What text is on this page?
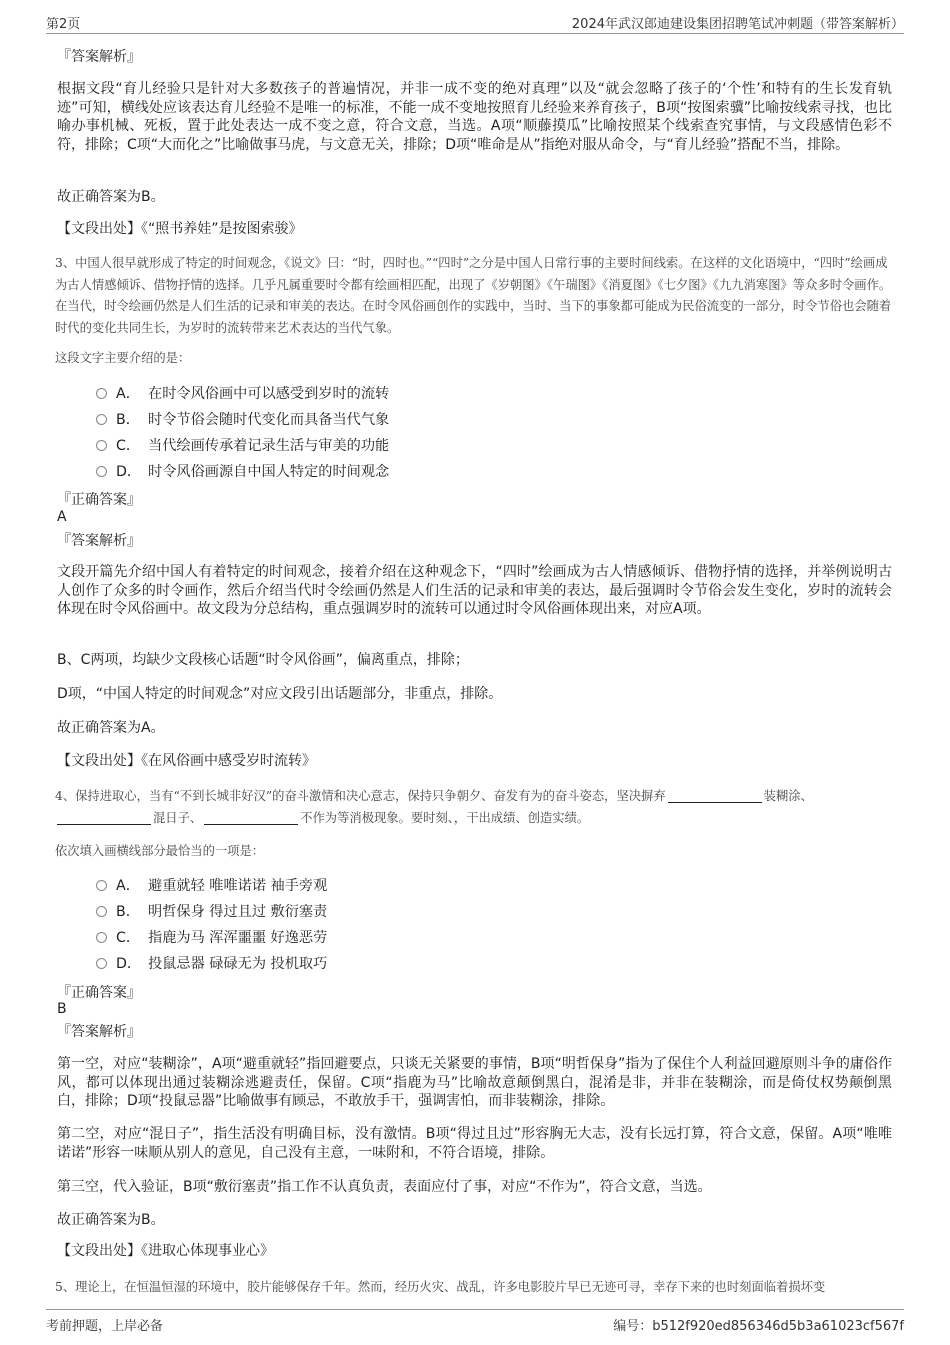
第2页	2024年武汉郎迪建设集团招聘笔试冲刺题（带答案解析）
『答案解析』
根据文段“育儿经验只是针对大多数孩子的普遍情况，并非一成不变的绝对真理”以及“就会忽略了孩子的‘个性’和特有的生长发育轨迹”可知，横线处应该表达育儿经验不是唯一的标准，不能一成不变地按照育儿经验来养育孩子，B项“按图索骥”比喻按线索寻找，也比喻办事机械、死板，置于此处表达一成不变之意，符合文意，当选。A项“顺藤摸瓜”比喻按照某个线索查究事情，与文段感情色彩不符，排除；C项“大而化之”比喻做事马虎，与文意无关，排除；D项“唯命是从”指绝对服从命令，与“育儿经验”搭配不当，排除。
故正确答案为B。
【文段出处】《“照书养娃”是按图索骏》
3、中国人很早就形成了特定的时间观念，《说文》曰：“时，四时也。”“四时”之分是中国人日常行事的主要时间线索。在这样的文化语境中，“四时”绘画成为古人情感倾诉、借物抒情的选择。几乎凡属重要时令都有绘画相匹配，出现了《岁朝图》《午瑞图》《消夏图》《七夕图》《九九消寒图》等众多时令画作。在当代，时令绘画仍然是人们生活的记录和审美的表达。在时令风俗画创作的实践中，当时、当下的事象都可能成为民俗流变的一部分，时令节俗也会随着时代的变化共同生长，为岁时的流转带来艺术表达的当代气象。
这段文字主要介绍的是：
A． 在时令风俗画中可以感受到岁时的流转
B． 时令节俗会随时代变化而具备当代气象
C． 当代绘画传承着记录生活与审美的功能
D． 时令风俗画源自中国人特定的时间观念
『正确答案』
A
『答案解析』
文段开篇先介绍中国人有着特定的时间观念，接着介绍在这种观念下，“四时”绘画成为古人情感倾诉、借物抒情的选择，并举例说明古人创作了众多的时令画作，然后介绍当代时令绘画仍然是人们生活的记录和审美的表达，最后强调时令节俗会发生变化，岁时的流转会体现在时令风俗画中。故文段为分总结构，重点强调岁时的流转可以通过时令风俗画体现出来，对应A项。
B、C两项，均缺少文段核心话题“时令风俗画”，偏离重点，排除；
D项，“中国人特定的时间观念”对应文段引出话题部分，非重点，排除。
故正确答案为A。
【文段出处】《在风俗画中感受岁时流转》
4、保持进取心，当有“不到长城非好汉”的奋斗激情和决心意志，保持只争朝夕、奋发有为的奋斗姿态，坚决摒弃	装糊涂、混日子、	不作为等消极现象。要时刻、，干出成绩、创造实绩。
依次填入画横线部分最恰当的一项是：
A． 避重就轻 唯唯诺诺 袖手旁观
B． 明哲保身 得过且过 敷衍塞责
C． 指鹿为马 浑浑噩噩 好逸恶劳
D． 投鼠忌器 碌碌无为 投机取巧
『正确答案』
B
『答案解析』
第一空，对应“装糊涂”，A项“避重就轻”指回避要点，只谈无关紧要的事情，B项“明哲保身”指为了保住个人利益回避原则斗争的庸俗作风，都可以体现出通过装糊涂逃避责任，保留。C项“指鹿为马”比喻故意颠倒黑白，混淆是非，并非在装糊涂，而是倚仗权势颠倒黑白，排除；D项“投鼠忌器”比喻做事有顾忌，不敢放手干，强调害怕，而非装糊涂，排除。
第二空，对应“混日子”，指生活没有明确目标，没有激情。B项“得过且过”形容胸无大志，没有长远打算，符合文意，保留。A项“唯唯诺诺”形容一味顺从别人的意见，自己没有主意，一味附和，不符合语境，排除。
第三空，代入验证，B项“敷衍塞责”指工作不认真负责，表面应付了事，对应“不作为”，符合文意，当选。
故正确答案为B。
【文段出处】《进取心体现事业心》
5、理论上，在恒温恒湿的环境中，胶片能够保存千年。然而，经历火灾、战乱，许多电影胶片早已无迹可寻，幸存下来的也时刻面临着损坏变
考前押题，上岸必备	编号：b512f920ed856346d5b3a61023cf567f
